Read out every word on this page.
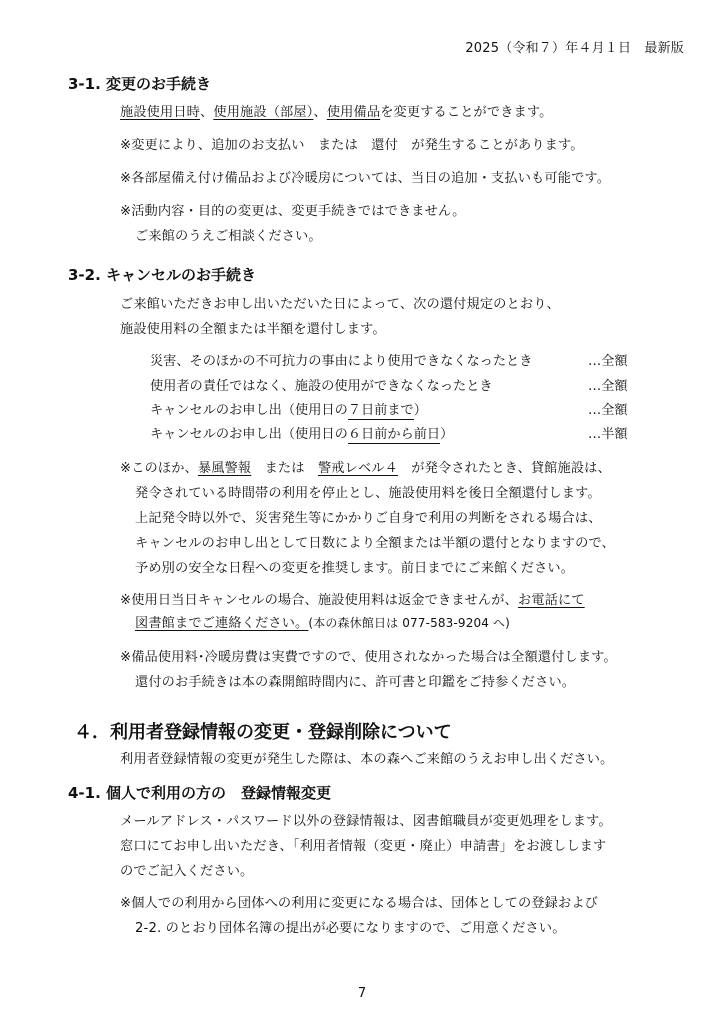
2025（令和７）年４月１日　最新版
3-1. 変更のお手続き
施設使用日時、使用施設（部屋）、使用備品を変更することができます。
※変更により、追加のお支払い　または　還付　が発生することがあります。
※各部屋備え付け備品および冷暖房については、当日の追加・支払いも可能です。
※活動内容・目的の変更は、変更手続きではできません。
ご来館のうえご相談ください。
3-2. キャンセルのお手続き
ご来館いただきお申し出いただいた日によって、次の還付規定のとおり、
施設使用料の全額または半額を還付します。
災害、そのほかの不可抗力の事由により使用できなくなったとき	…全額
使用者の責任ではなく、施設の使用ができなくなったとき	…全額
キャンセルのお申し出（使用日の７日前まで）	…全額
キャンセルのお申し出（使用日の６日前から前日）	…半額
※このほか、暴風警報　または　警戒レベル４　が発令されたとき、貸館施設は、
発令されている時間帯の利用を停止とし、施設使用料を後日全額還付します。
上記発令時以外で、災害発生等にかかりご自身で利用の判断をされる場合は、
キャンセルのお申し出として日数により全額または半額の還付となりますので、
予め別の安全な日程への変更を推奨します。前日までにご来館ください。
※使用日当日キャンセルの場合、施設使用料は返金できませんが、お電話にて
図書館までご連絡ください。(本の森休館日は 077-583-9204 へ)
※備品使用料･冷暖房費は実費ですので、使用されなかった場合は全額還付します。
還付のお手続きは本の森開館時間内に、許可書と印鑑をご持参ください。
４．利用者登録情報の変更・登録削除について
利用者登録情報の変更が発生した際は、本の森へご来館のうえお申し出ください。
4-1. 個人で利用の方の　登録情報変更
メールアドレス・パスワード以外の登録情報は、図書館職員が変更処理をします。
窓口にてお申し出いただき、「利用者情報（変更・廃止）申請書」をお渡しします
のでご記入ください。
※個人での利用から団体への利用に変更になる場合は、団体としての登録および
2-2. のとおり団体名簿の提出が必要になりますので、ご用意ください。
7
